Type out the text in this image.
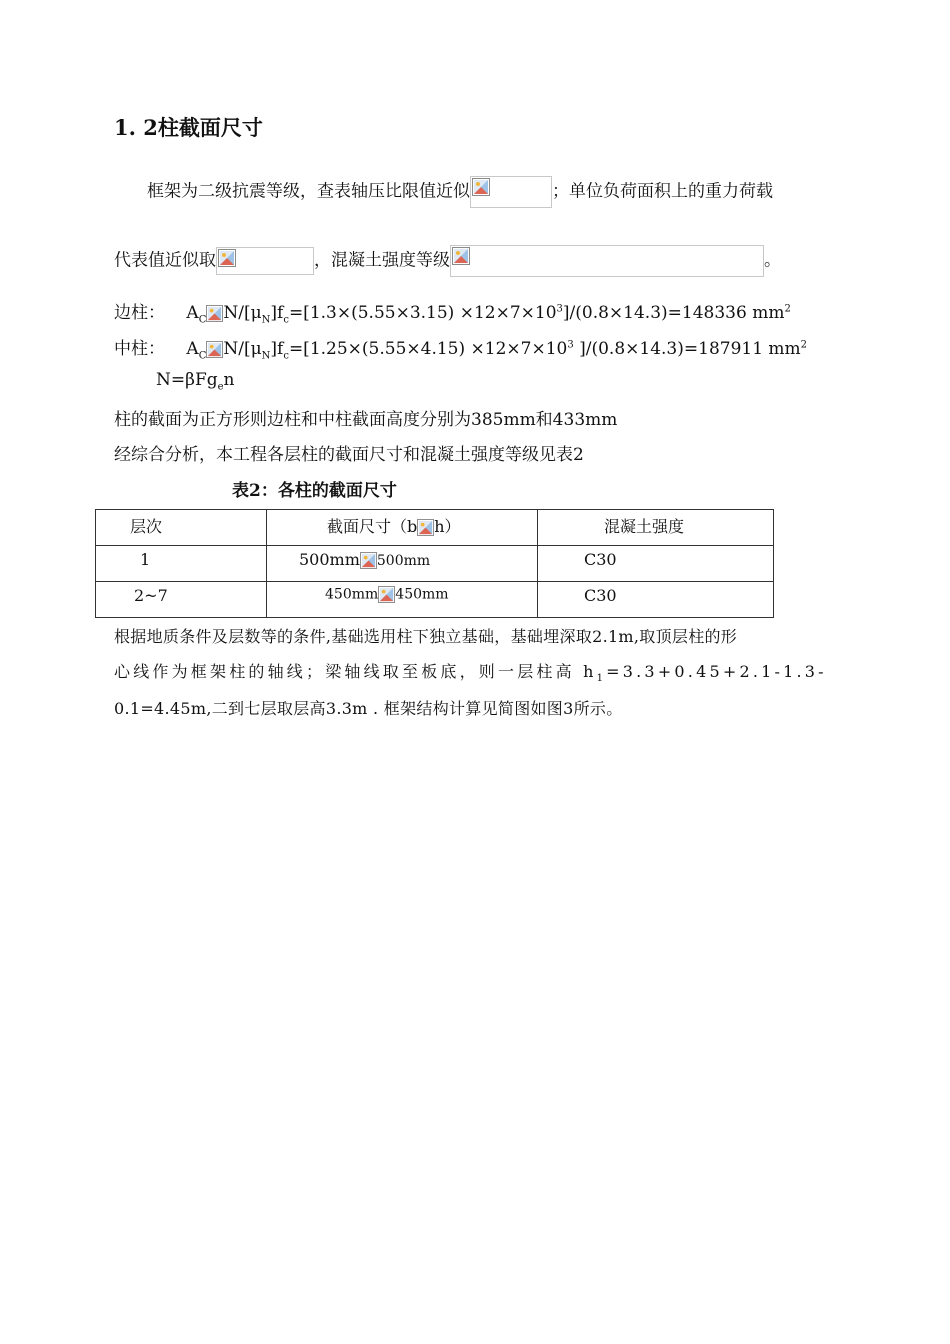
1. 2柱截面尺寸
框架为二级抗震等级，查表轴压比限值近似	；单位负荷面积上的重力荷载
代表值近似取	，混凝土强度等级	。
边柱： $A_C$ $N/[\mu_N]f_c=[1.3\times(5.55\times 3.15) \times 12\times 7\times 10^3]/(0.8\times 14.3)=148336$ $mm^2$
中柱： $A_C$ $N/[\mu_N]f_c=[1.25\times(5.55\times 4.15) \times 12\times 7\times 10^3$ ]/(0.8×14.3)=187911 $mm^2$
N=βFg$_e$n
柱的截面为正方形则边柱和中柱截面高度分别为385mm和433mm
经综合分析，本工程各层柱的截面尺寸和混凝土强度等级见表2
表2：各柱的截面尺寸
层次	截面尺寸（b h）	混凝土强度

1	500mm 500mm	C30

2~7	450mm 450mm	C30
根据地质条件及层数等的条件,基础选用柱下独立基础，基础埋深取2.1m,取顶层柱的形
心线作为框架柱的轴线；梁轴线取至板底，则一层柱高 $h_1=3.3+0.45+2.1-1.3-$
0.1=4.45m,二到七层取层高3.3m . 框架结构计算见简图如图3所示。
